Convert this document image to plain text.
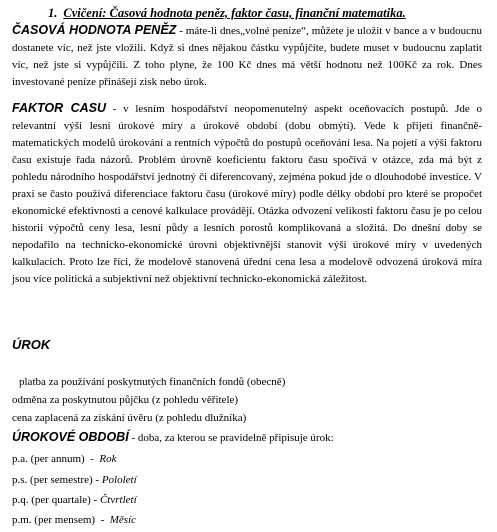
1. Cvičení: Časová hodnota peněz, faktor času, finanční matematika.

ČASOVÁ HODNOTA PENĚZ - máte-li dnes„volné peníze“, můžete je uložit v bance a v budoucnu dostanete víc, než jste vložili. Když si dnes nějakou částku vypůjčíte, budete muset v budoucnu zaplatit víc, než jste si vypůjčili. Z toho plyne, že 100 Kč dnes má větší hodnotu než 100Kč za rok. Dnes investované peníze přinášejí zisk nebo úrok.

FAKTOR CASU - v lesním hospodářství neopomenutelný aspekt oceňovacích postupů. Jde o relevantní výši lesní úrokové míry a úrokové období (dobu obmýtí). Vede k přijetí finančně-matematických modelů úrokování a rentních výpočtů do postupů oceňování lesa. Na pojetí a výši faktoru času existuje řada názorů. Problém úrovně koeficientu faktoru času spočívá v otázce, zda má být z pohledu národního hospodářství jednotný či diferencovaný, zejména pokud jde o dlouhodobé investice. V praxi se často používá diferenciace faktoru času (úrokové míry) podle délky období pro které se propočet ekonomické efektivnosti a cenové kalkulace provádějí. Otázka odvození velikosti faktoru času je po celou historii výpočtů ceny lesa, lesní půdy a lesních porostů komplikovaná a složitá. Do dnešní doby se nepodařilo na technicko-ekonomické úrovni objektivnější stanovit výši úrokové míry v uvedených kalkulacích. Proto lze říci, že modelově stanovená úřední cena lesa a modelově odvozená úroková míra jsou více politická a subjektivní než objektivní technicko-ekonomická záležitost.

ÚROK

platba za používání poskytnutých finančních fondů (obecně)

odměna za poskytnutou půjčku (z pohledu věřitele)

cena zaplacená za získání úvěru (z pohledu dlužníka)

ÚROKOVÉ OBDOBÍ - doba, za kterou se pravidelně připisuje úrok:

p.a. (per annum)  -  Rok

p.s. (per semestre) - Pololetí

p.q. (per quartale) - Čtvrtletí

p.m. (per mensem)  -  Měsíc
